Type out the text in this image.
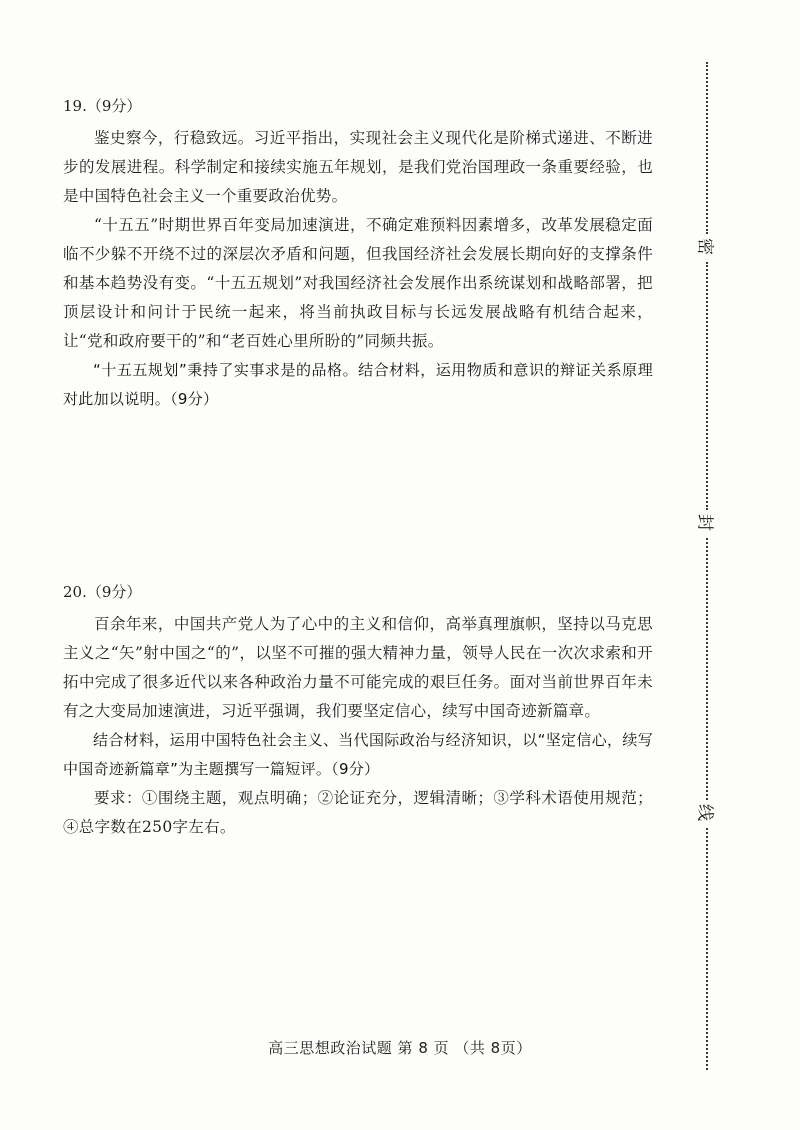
19.（9分）

鉴史察今，行稳致远。习近平指出，实现社会主义现代化是阶梯式递进、不断进步的发展进程。科学制定和接续实施五年规划，是我们党治国理政一条重要经验，也是中国特色社会主义一个重要政治优势。

“十五五”时期世界百年变局加速演进，不确定难预料因素增多，改革发展稳定面临不少躲不开绕不过的深层次矛盾和问题，但我国经济社会发展长期向好的支撑条件和基本趋势没有变。“十五五规划”对我国经济社会发展作出系统谋划和战略部署，把顶层设计和问计于民统一起来，将当前执政目标与长远发展战略有机结合起来，让“党和政府要干的”和“老百姓心里所盼的”同频共振。

“十五五规划”秉持了实事求是的品格。结合材料，运用物质和意识的辩证关系原理对此加以说明。（9分）

20.（9分）

百余年来，中国共产党人为了心中的主义和信仰，高举真理旗帜，坚持以马克思主义之“矢”射中国之“的”，以坚不可摧的强大精神力量，领导人民在一次次求索和开拓中完成了很多近代以来各种政治力量不可能完成的艰巨任务。面对当前世界百年未有之大变局加速演进，习近平强调，我们要坚定信心，续写中国奇迹新篇章。

结合材料，运用中国特色社会主义、当代国际政治与经济知识，以“坚定信心，续写中国奇迹新篇章”为主题撰写一篇短评。（9分）

要求：①围绕主题，观点明确；②论证充分，逻辑清晰；③学科术语使用规范；④总字数在250字左右。

高三思想政治试题 第 8 页 （共 8页）
密
封
线
